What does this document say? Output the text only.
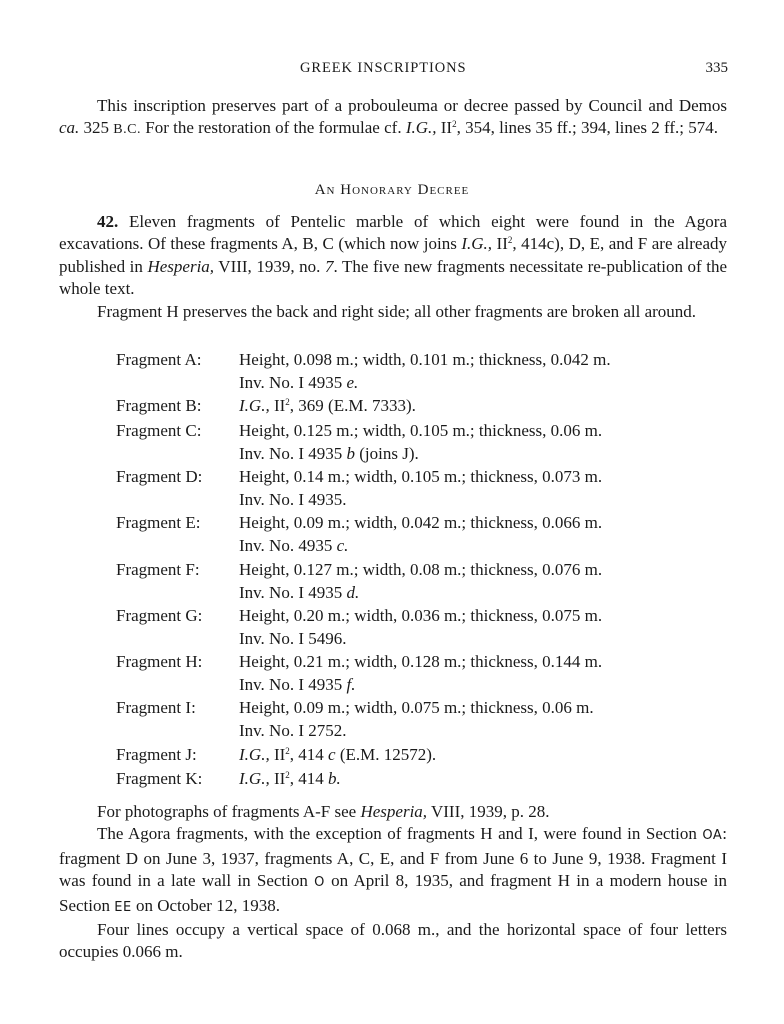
GREEK INSCRIPTIONS	335

This inscription preserves part of a probouleuma or decree passed by Council and Demos ca. 325 B.C. For the restoration of the formulae cf. I.G., $II^2$, 354, lines 35 ff.; 394, lines 2 ff.; 574.

An Honorary Decree

42. Eleven fragments of Pentelic marble of which eight were found in the Agora excavations. Of these fragments A, B, C (which now joins I.G., $II^2$, 414c), D, E, and F are already published in Hesperia, VIII, 1939, no. 7. The five new fragments necessitate re-publication of the whole text.

Fragment H preserves the back and right side; all other fragments are broken all around.

Fragment A:	Height, 0.098 m.; width, 0.101 m.; thickness, 0.042 m.
Inv. No. I 4935 e.
Fragment B:	I.G., $II^2$, 369 (E.M. 7333).
Fragment C:	Height, 0.125 m.; width, 0.105 m.; thickness, 0.06 m.
Inv. No. I 4935 b (joins J).
Fragment D:	Height, 0.14 m.; width, 0.105 m.; thickness, 0.073 m.
Inv. No. I 4935.
Fragment E:	Height, 0.09 m.; width, 0.042 m.; thickness, 0.066 m.
Inv. No. 4935 c.
Fragment F:	Height, 0.127 m.; width, 0.08 m.; thickness, 0.076 m.
Inv. No. I 4935 d.
Fragment G:	Height, 0.20 m.; width, 0.036 m.; thickness, 0.075 m.
Inv. No. I 5496.
Fragment H:	Height, 0.21 m.; width, 0.128 m.; thickness, 0.144 m.
Inv. No. I 4935 f.
Fragment I:	Height, 0.09 m.; width, 0.075 m.; thickness, 0.06 m.
Inv. No. I 2752.
Fragment J:	I.G., $II^2$, 414 c (E.M. 12572).
Fragment K:	I.G., $II^2$, 414 b.

For photographs of fragments A-F see Hesperia, VIII, 1939, p. 28.

The Agora fragments, with the exception of fragments H and I, were found in Section OA: fragment D on June 3, 1937, fragments A, C, E, and F from June 6 to June 9, 1938. Fragment I was found in a late wall in Section O on April 8, 1935, and fragment H in a modern house in Section EE on October 12, 1938.

Four lines occupy a vertical space of 0.068 m., and the horizontal space of four letters occupies 0.066 m.
